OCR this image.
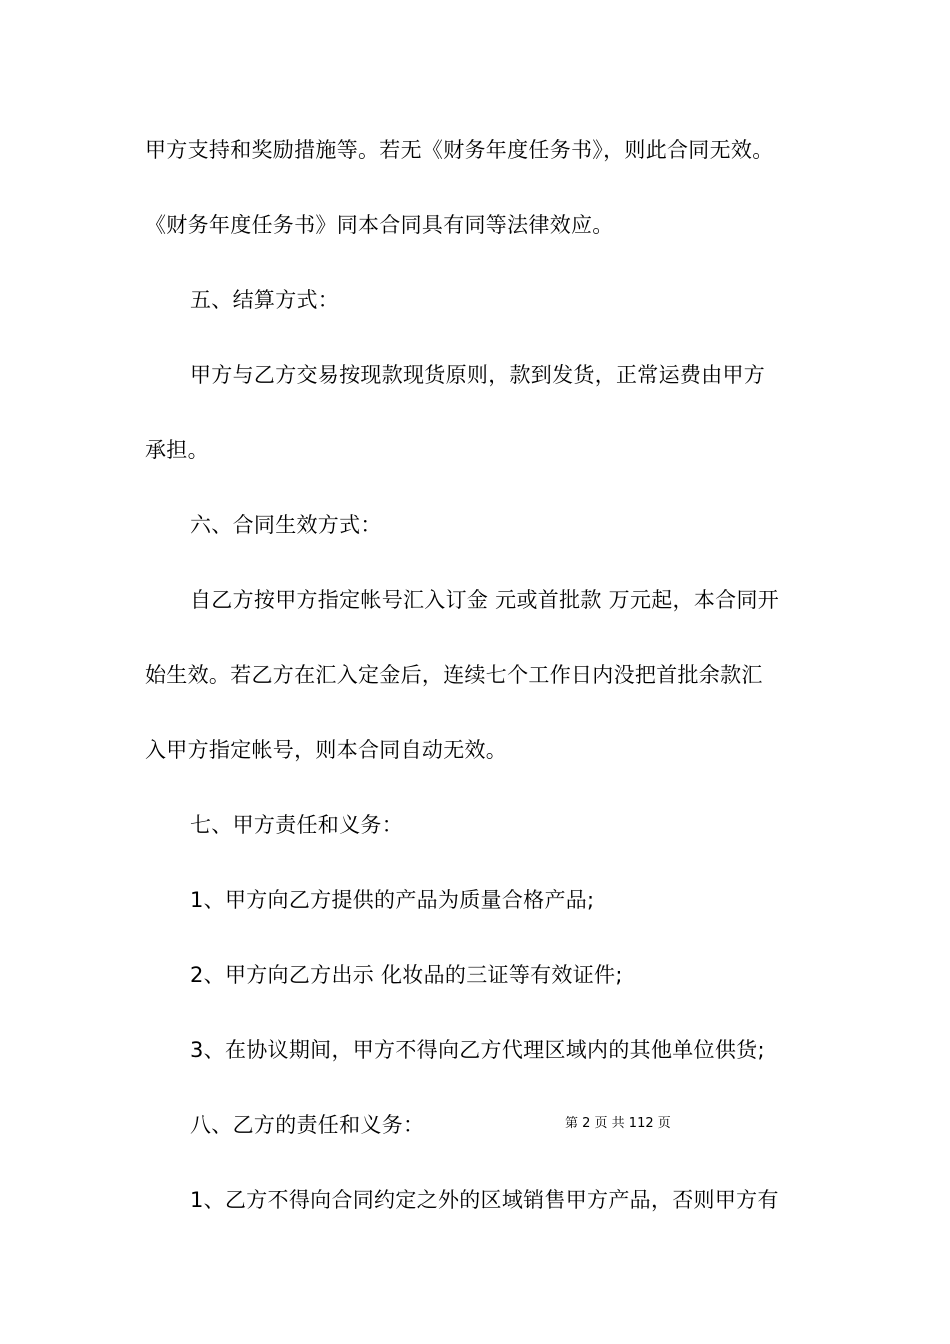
甲方支持和奖励措施等。若无《财务年度任务书》，则此合同无效。
《财务年度任务书》同本合同具有同等法律效应。
五、结算方式：
甲方与乙方交易按现款现货原则，款到发货，正常运费由甲方
承担。
六、合同生效方式：
自乙方按甲方指定帐号汇入订金 元或首批款 万元起，本合同开
始生效。若乙方在汇入定金后，连续七个工作日内没把首批余款汇
入甲方指定帐号，则本合同自动无效。
七、甲方责任和义务：
1、甲方向乙方提供的产品为质量合格产品;
2、甲方向乙方出示 化妆品的三证等有效证件;
3、在协议期间，甲方不得向乙方代理区域内的其他单位供货;
八、乙方的责任和义务：
1、乙方不得向合同约定之外的区域销售甲方产品，否则甲方有
第 2 页 共 112 页
